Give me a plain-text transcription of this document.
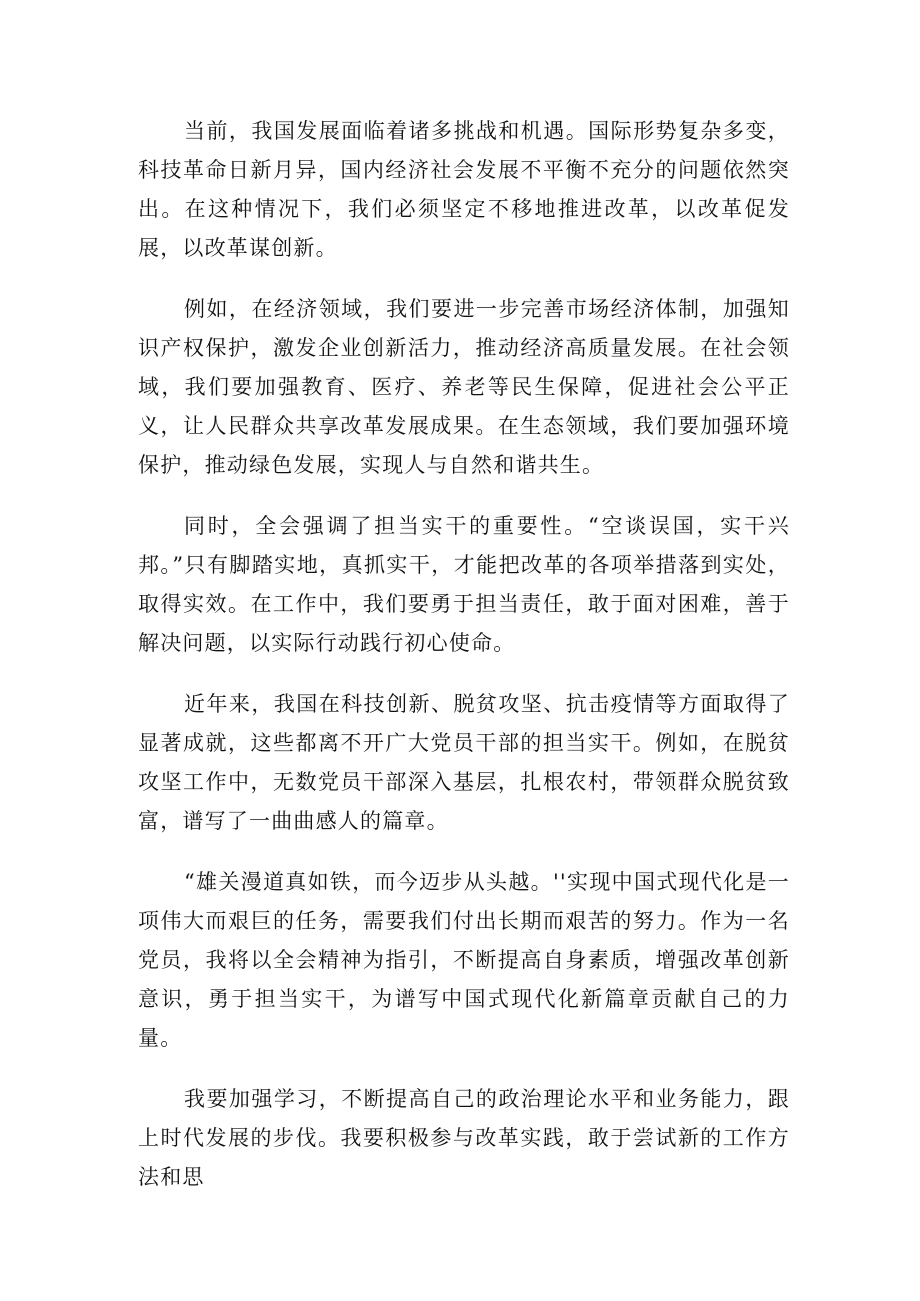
当前，我国发展面临着诸多挑战和机遇。国际形势复杂多变，科技革命日新月异，国内经济社会发展不平衡不充分的问题依然突出。在这种情况下，我们必须坚定不移地推进改革，以改革促发展，以改革谋创新。

例如，在经济领域，我们要进一步完善市场经济体制，加强知识产权保护，激发企业创新活力，推动经济高质量发展。在社会领域，我们要加强教育、医疗、养老等民生保障，促进社会公平正义，让人民群众共享改革发展成果。在生态领域，我们要加强环境保护，推动绿色发展，实现人与自然和谐共生。

同时，全会强调了担当实干的重要性。“空谈误国，实干兴邦。”只有脚踏实地，真抓实干，才能把改革的各项举措落到实处，取得实效。在工作中，我们要勇于担当责任，敢于面对困难，善于解决问题，以实际行动践行初心使命。

近年来，我国在科技创新、脱贫攻坚、抗击疫情等方面取得了显著成就，这些都离不开广大党员干部的担当实干。例如，在脱贫攻坚工作中，无数党员干部深入基层，扎根农村，带领群众脱贫致富，谱写了一曲曲感人的篇章。

“雄关漫道真如铁，而今迈步从头越。''实现中国式现代化是一项伟大而艰巨的任务，需要我们付出长期而艰苦的努力。作为一名党员，我将以全会精神为指引，不断提高自身素质，增强改革创新意识，勇于担当实干，为谱写中国式现代化新篇章贡献自己的力量。

我要加强学习，不断提高自己的政治理论水平和业务能力，跟上时代发展的步伐。我要积极参与改革实践，敢于尝试新的工作方法和思
